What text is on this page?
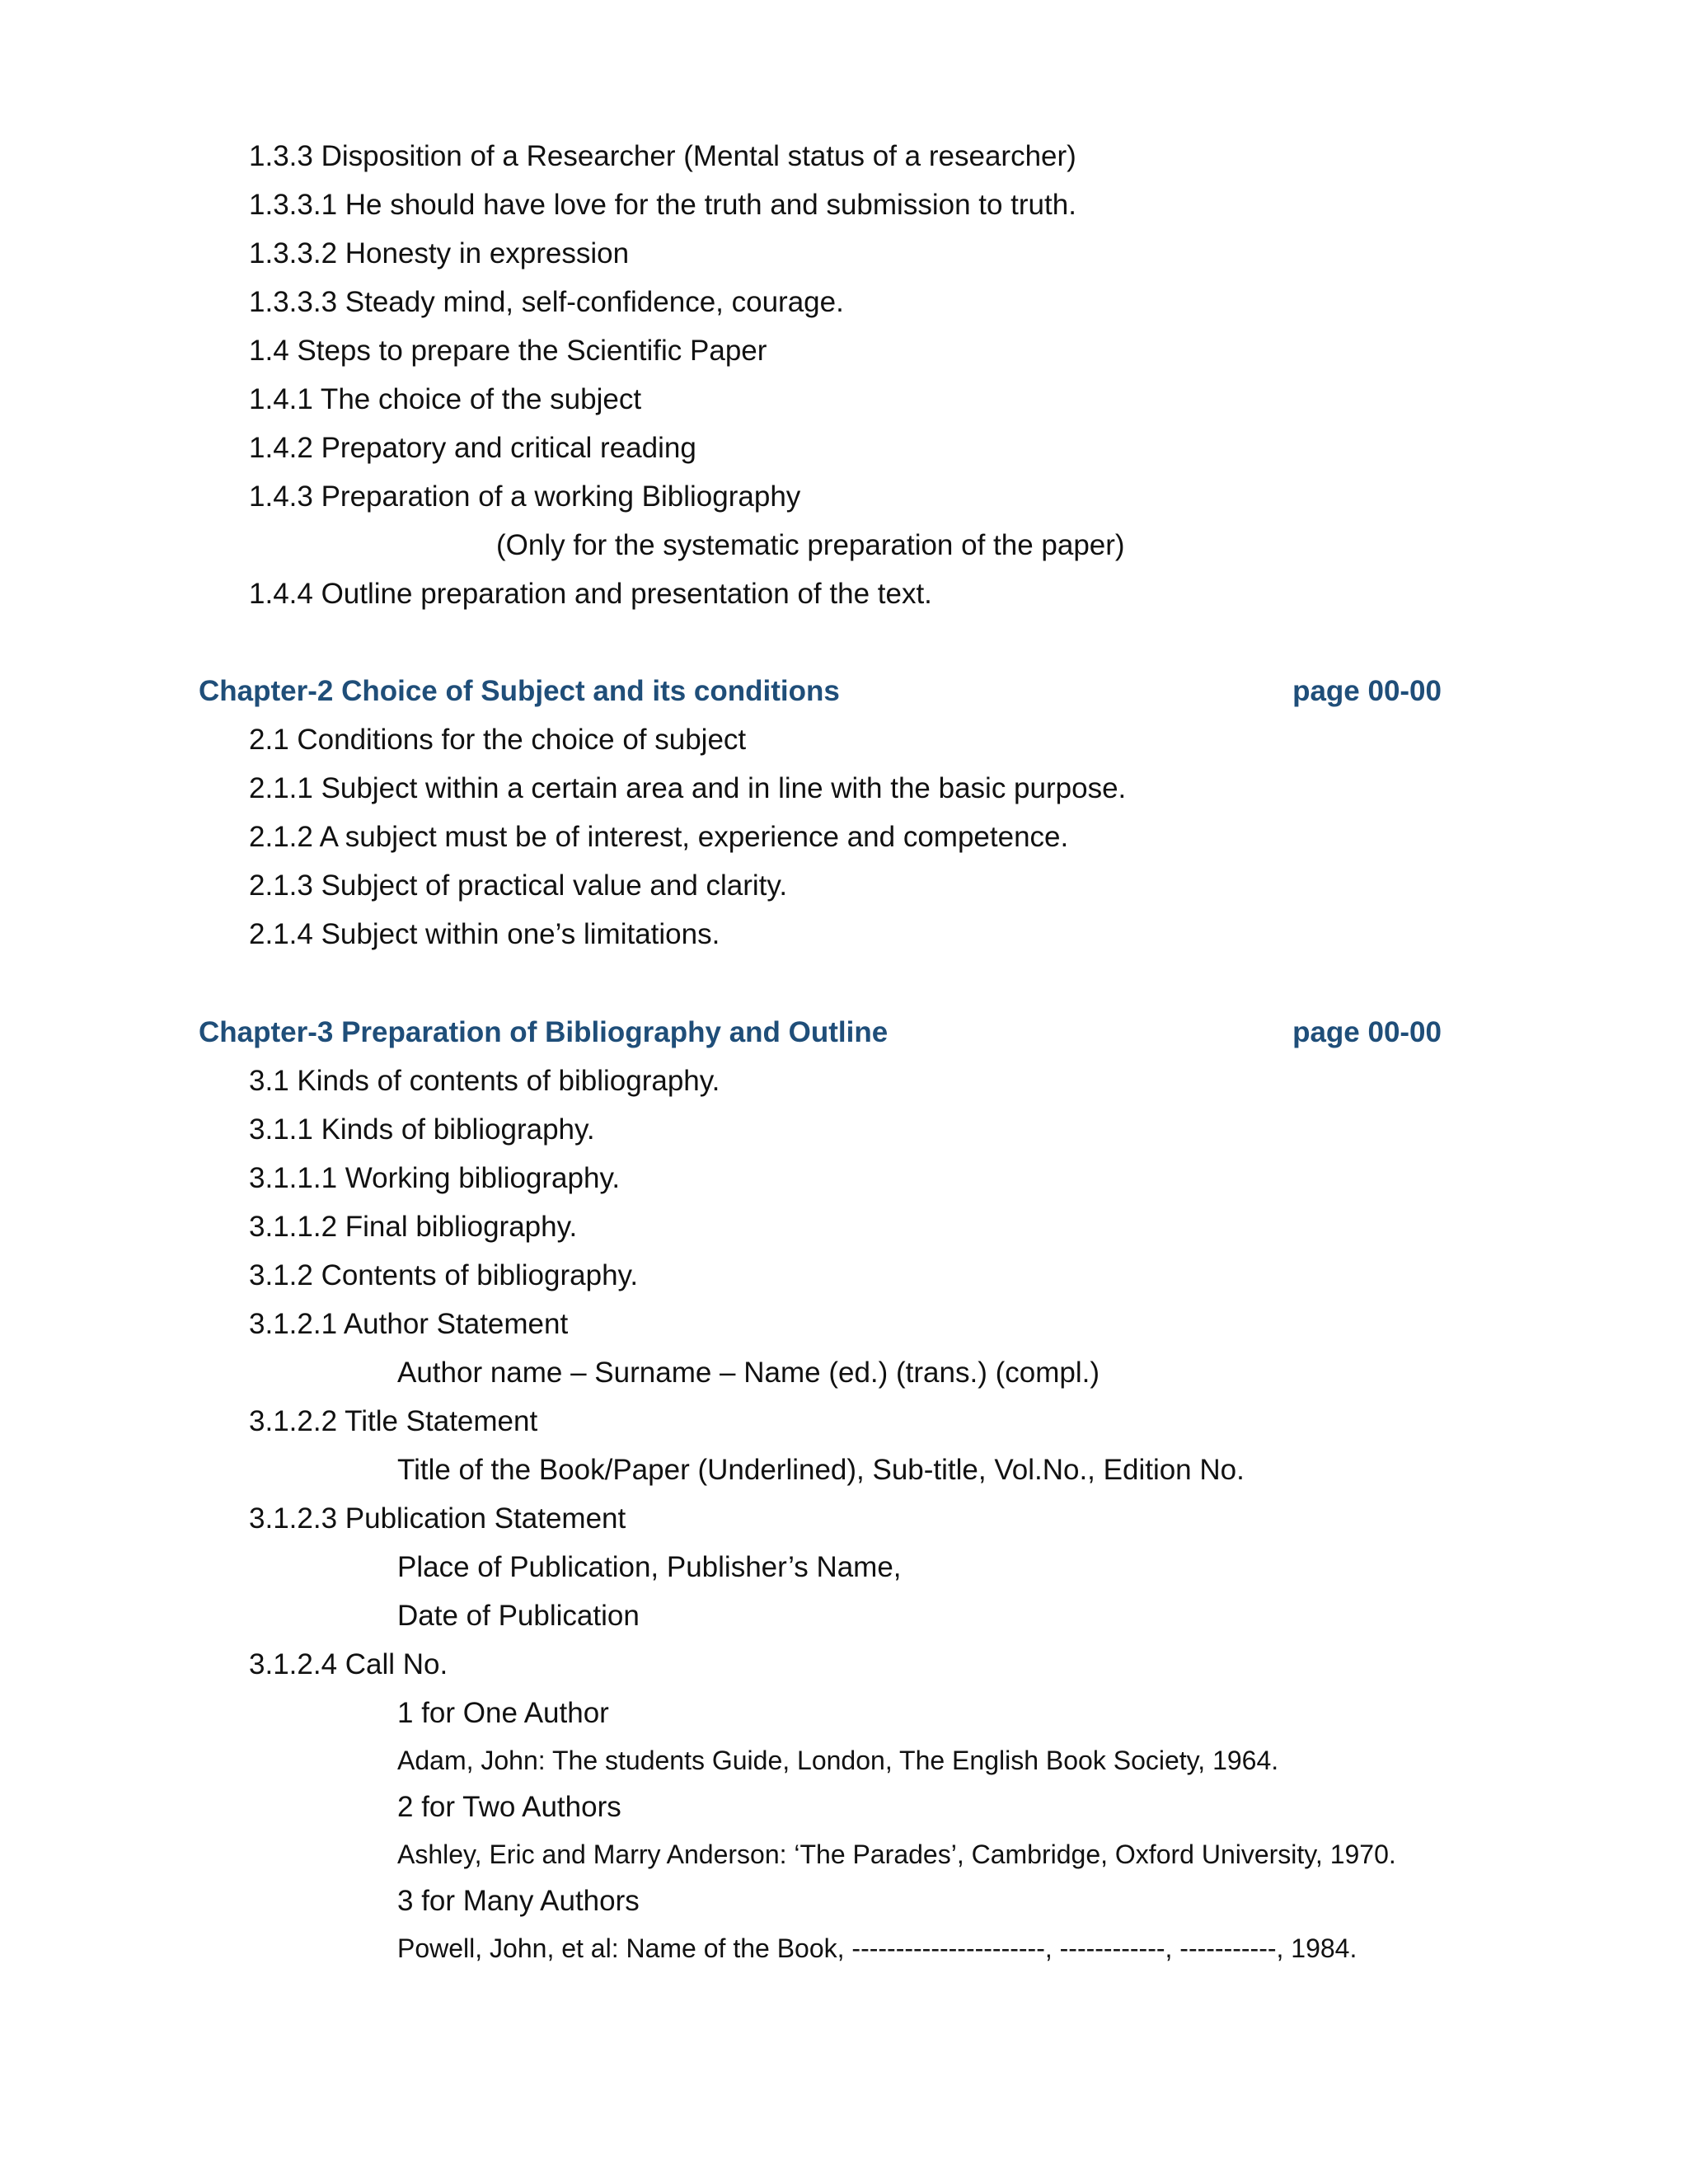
1.3.3 Disposition of a Researcher (Mental status of a researcher)
1.3.3.1 He should have love for the truth and submission to truth.
1.3.3.2 Honesty in expression
1.3.3.3 Steady mind, self-confidence, courage.
1.4 Steps to prepare the Scientific Paper
1.4.1 The choice of the subject
1.4.2 Prepatory and critical reading
1.4.3 Preparation of a working Bibliography
(Only for the systematic preparation of the paper)
1.4.4 Outline preparation and presentation of the text.
Chapter-2 Choice of Subject and its conditions	page 00-00
2.1 Conditions for the choice of subject
2.1.1 Subject within a certain area and in line with the basic purpose.
2.1.2 A subject must be of interest, experience and competence.
2.1.3 Subject of practical value and clarity.
2.1.4 Subject within one’s limitations.
Chapter-3 Preparation of Bibliography and Outline	page 00-00
3.1 Kinds of contents of bibliography.
3.1.1 Kinds of bibliography.
3.1.1.1 Working bibliography.
3.1.1.2 Final bibliography.
3.1.2 Contents of bibliography.
3.1.2.1 Author Statement
Author name – Surname – Name (ed.) (trans.) (compl.)
3.1.2.2 Title Statement
Title of the Book/Paper (Underlined), Sub-title, Vol.No., Edition No.
3.1.2.3 Publication Statement
Place of Publication, Publisher’s Name,
Date of Publication
3.1.2.4 Call No.
1 for One Author
Adam, John: The students Guide, London, The English Book Society, 1964.
2 for Two Authors
Ashley, Eric and Marry Anderson: ‘The Parades’, Cambridge, Oxford University, 1970.
3 for Many Authors
Powell, John, et al: Name of the Book, ----------------------, ------------, -----------, 1984.
